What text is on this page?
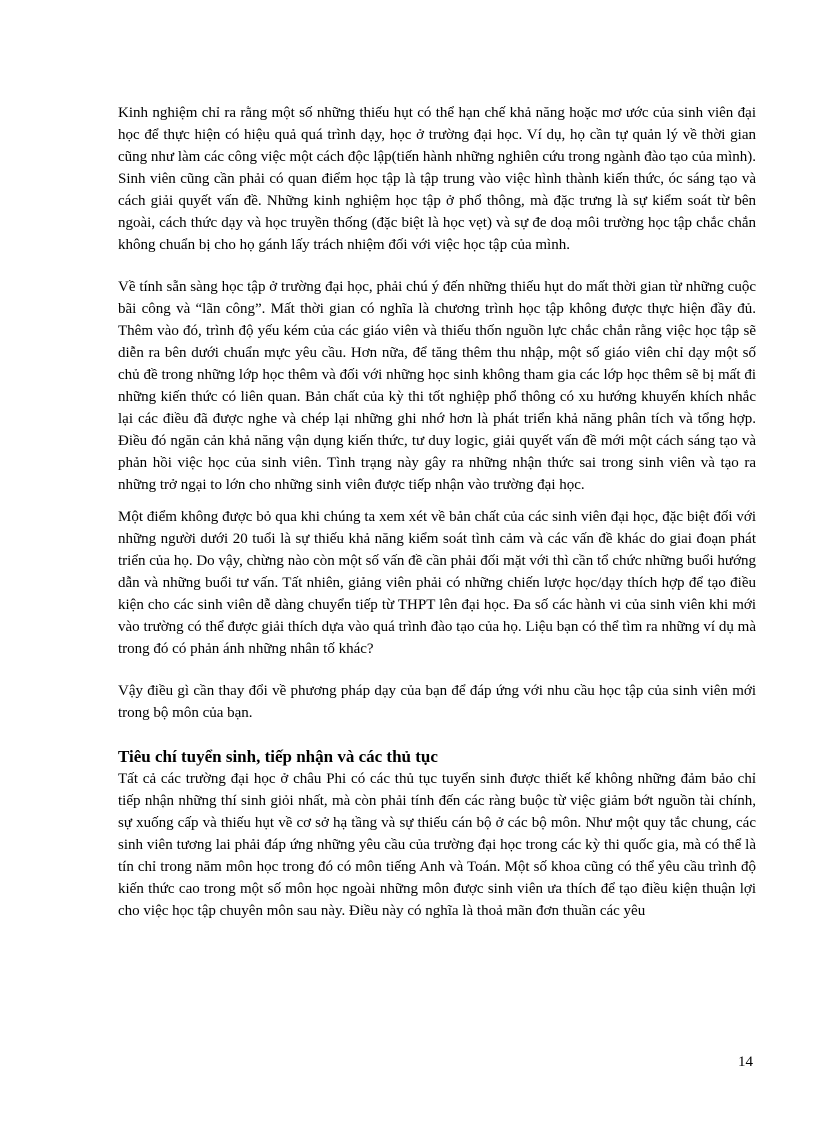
Kinh nghiệm chỉ ra rằng một số những thiếu hụt có thể hạn chế khả năng hoặc mơ ước của sinh viên đại học để thực hiện có hiệu quả quá trình dạy, học ở trường đại học. Ví dụ, họ cần tự quản lý về thời gian cũng như làm các công việc một cách độc lập(tiến hành những nghiên cứu trong ngành đào tạo của mình). Sinh viên cũng cần phải có quan điểm học tập là tập trung vào việc hình thành kiến thức, óc sáng tạo và cách giải quyết vấn đề. Những kinh nghiệm học tập ở phổ thông, mà đặc trưng là sự kiểm soát từ bên ngoài, cách thức dạy và học truyền thống (đặc biệt là học vẹt) và sự đe doạ môi trường học tập chắc chắn không chuẩn bị cho họ gánh lấy trách nhiệm đối với việc học tập của mình.

Về tính sẵn sàng học tập ở trường đại học, phải chú ý đến những thiếu hụt do mất thời gian từ những cuộc bãi công và “lãn công”. Mất thời gian có nghĩa là chương trình học tập không được thực hiện đầy đủ. Thêm vào đó, trình độ yếu kém của các giáo viên và thiếu thốn nguồn lực chắc chắn rằng việc học tập sẽ diễn ra bên dưới chuẩn mực yêu cầu. Hơn nữa, để tăng thêm thu nhập, một số giáo viên chỉ dạy một số chủ đề trong những lớp học thêm và đối với những học sinh không tham gia các lớp học thêm sẽ bị mất đi những kiến thức có liên quan. Bản chất của kỳ thi tốt nghiệp phổ thông có xu hướng khuyến khích nhắc lại các điều đã được nghe và chép lại những ghi nhớ hơn là phát triển khả năng phân tích và tổng hợp. Điều đó ngăn cản khả năng vận dụng kiến thức, tư duy logic, giải quyết vấn đề mới một cách sáng tạo và phản hồi việc học của sinh viên. Tình trạng này gây ra những nhận thức sai trong sinh viên và tạo ra những trở ngại to lớn cho những sinh viên được tiếp nhận vào trường đại học.

Một điểm không được bỏ qua khi chúng ta xem xét về bản chất của các sinh viên đại học, đặc biệt đối với những người dưới 20 tuổi là sự thiếu khả năng kiểm soát tình cảm và các vấn đề khác do giai đoạn phát triển của họ. Do vậy, chừng nào còn một số vấn đề cần phải đối mặt với thì cần tổ chức những buổi hướng dẫn và những buổi tư vấn. Tất nhiên, giảng viên phải có những chiến lược học/dạy thích hợp để tạo điều kiện cho các sinh viên dễ dàng chuyển tiếp từ THPT lên đại học. Đa số các hành vi của sinh viên khi mới vào trường có thể được giải thích dựa vào quá trình đào tạo của họ. Liệu bạn có thể tìm ra những ví dụ mà trong đó có phản ánh những nhân tố khác?

Vậy điều gì cần thay đổi về phương pháp dạy của bạn để đáp ứng với nhu cầu học tập của sinh viên mới trong bộ môn của bạn.

Tiêu chí tuyển sinh, tiếp nhận và các thủ tục

Tất cả các trường đại học ở châu Phi có các thủ tục tuyển sinh được thiết kế không những đảm bảo chỉ tiếp nhận những thí sinh giỏi nhất, mà còn phải tính đến các ràng buộc từ việc giảm bớt nguồn tài chính, sự xuống cấp và thiếu hụt về cơ sở hạ tầng và sự thiếu cán bộ ở các bộ môn. Như một quy tắc chung, các sinh viên tương lai phải đáp ứng những yêu cầu của trường đại học trong các kỳ thi quốc gia, mà có thể là tín chỉ trong năm môn học trong đó có môn tiếng Anh và Toán. Một số khoa cũng có thể yêu cầu trình độ kiến thức cao trong một số môn học ngoài những môn được sinh viên ưa thích để tạo điều kiện thuận lợi cho việc học tập chuyên môn sau này. Điều này có nghĩa là thoả mãn đơn thuần các yêu

14
